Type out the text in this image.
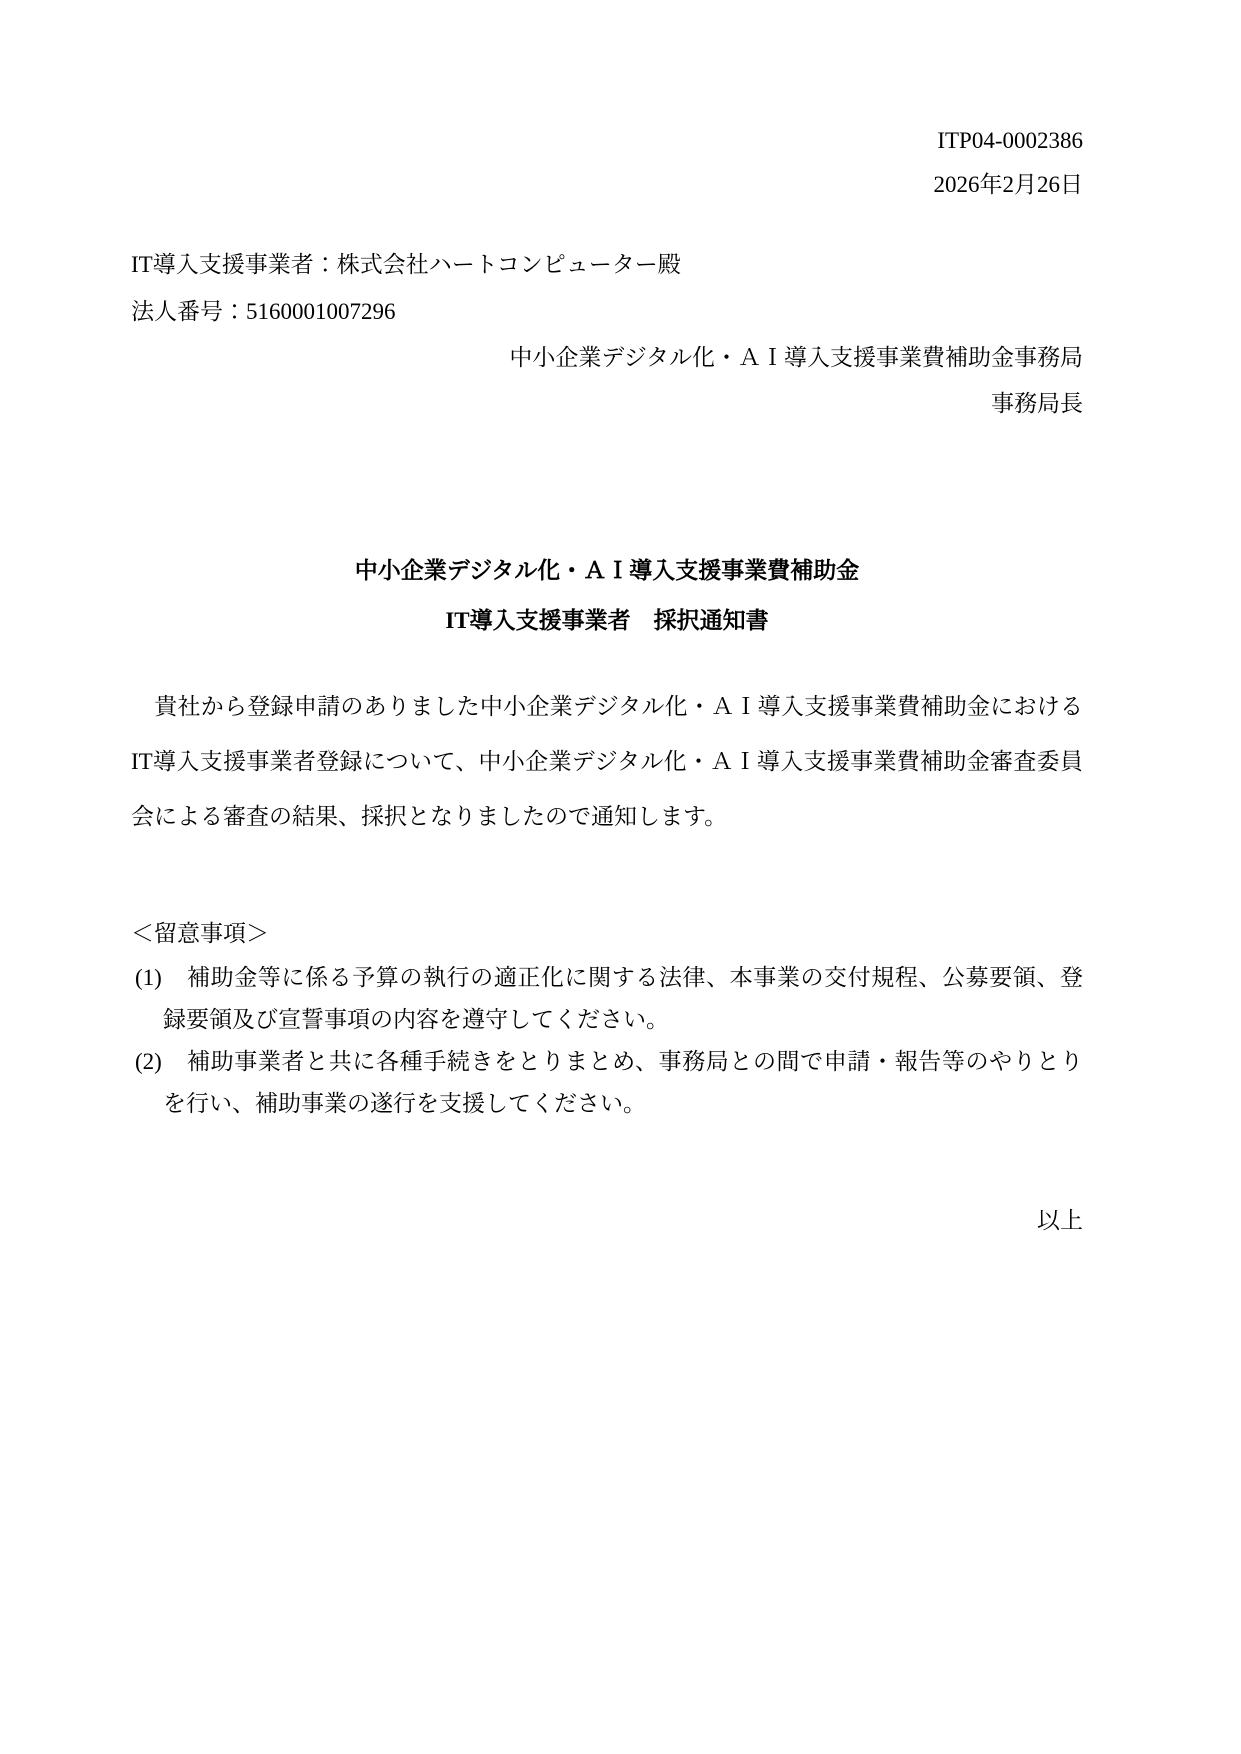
ITP04-0002386
2026年2月26日
IT導入支援事業者：株式会社ハートコンピューター殿
法人番号：5160001007296
中小企業デジタル化・ＡＩ導入支援事業費補助金事務局
事務局長
中小企業デジタル化・ＡＩ導入支援事業費補助金
IT導入支援事業者　採択通知書
　貴社から登録申請のありました中小企業デジタル化・ＡＩ導入支援事業費補助金におけるIT導入支援事業者登録について、中小企業デジタル化・ＡＩ導入支援事業費補助金審査委員会による審査の結果、採択となりましたので通知します。
＜留意事項＞
(1) 補助金等に係る予算の執行の適正化に関する法律、本事業の交付規程、公募要領、登録要領及び宣誓事項の内容を遵守してください。
(2) 補助事業者と共に各種手続きをとりまとめ、事務局との間で申請・報告等のやりとりを行い、補助事業の遂行を支援してください。
以上
